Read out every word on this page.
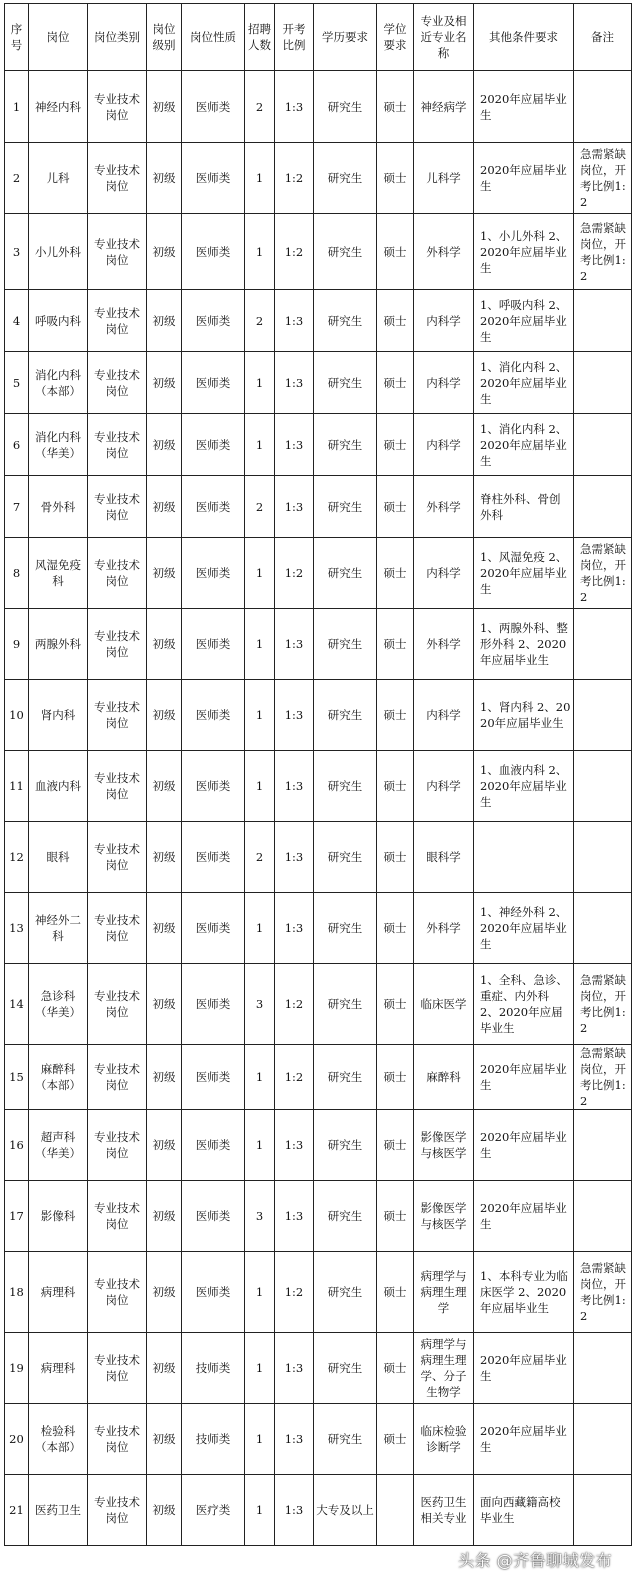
序号	岗位	岗位类别	岗位级别	岗位性质	招聘人数	开考比例	学历要求	学位要求	专业及相近专业名称	其他条件要求	备注
1	神经内科	专业技术岗位	初级	医师类	2	1:3	研究生	硕士	神经病学	2020年应届毕业生	
2	儿科	专业技术岗位	初级	医师类	1	1:2	研究生	硕士	儿科学	2020年应届毕业生	急需紧缺岗位，开考比例1:2
3	小儿外科	专业技术岗位	初级	医师类	1	1:2	研究生	硕士	外科学	1、小儿外科 2、2020年应届毕业生	急需紧缺岗位，开考比例1:2
4	呼吸内科	专业技术岗位	初级	医师类	2	1:3	研究生	硕士	内科学	1、呼吸内科 2、2020年应届毕业生	
5	消化内科（本部）	专业技术岗位	初级	医师类	1	1:3	研究生	硕士	内科学	1、消化内科 2、2020年应届毕业生	
6	消化内科（华美）	专业技术岗位	初级	医师类	1	1:3	研究生	硕士	内科学	1、消化内科 2、2020年应届毕业生	
7	骨外科	专业技术岗位	初级	医师类	2	1:3	研究生	硕士	外科学	脊柱外科、骨创外科	
8	风湿免疫科	专业技术岗位	初级	医师类	1	1:2	研究生	硕士	内科学	1、风湿免疫 2、2020年应届毕业生	急需紧缺岗位，开考比例1:2
9	两腺外科	专业技术岗位	初级	医师类	1	1:3	研究生	硕士	外科学	1、两腺外科、整形外科 2、2020年应届毕业生	
10	肾内科	专业技术岗位	初级	医师类	1	1:3	研究生	硕士	内科学	1、肾内科 2、2020年应届毕业生	
11	血液内科	专业技术岗位	初级	医师类	1	1:3	研究生	硕士	内科学	1、血液内科 2、2020年应届毕业生	
12	眼科	专业技术岗位	初级	医师类	2	1:3	研究生	硕士	眼科学		
13	神经外二科	专业技术岗位	初级	医师类	1	1:3	研究生	硕士	外科学	1、神经外科 2、2020年应届毕业生	
14	急诊科（华美）	专业技术岗位	初级	医师类	3	1:2	研究生	硕士	临床医学	1、全科、急诊、重症、内外科 2、2020年应届毕业生	急需紧缺岗位，开考比例1:2
15	麻醉科（本部）	专业技术岗位	初级	医师类	1	1:2	研究生	硕士	麻醉科	2020年应届毕业生	急需紧缺岗位，开考比例1:2
16	超声科（华美）	专业技术岗位	初级	医师类	1	1:3	研究生	硕士	影像医学与核医学	2020年应届毕业生	
17	影像科	专业技术岗位	初级	医师类	3	1:3	研究生	硕士	影像医学与核医学	2020年应届毕业生	
18	病理科	专业技术岗位	初级	医师类	1	1:2	研究生	硕士	病理学与病理生理学	1、本科专业为临床医学 2、2020年应届毕业生	急需紧缺岗位，开考比例1:2
19	病理科	专业技术岗位	初级	技师类	1	1:3	研究生	硕士	病理学与病理生理学、分子生物学	2020年应届毕业生	
20	检验科（本部）	专业技术岗位	初级	技师类	1	1:3	研究生	硕士	临床检验诊断学	2020年应届毕业生	
21	医药卫生	专业技术岗位	初级	医疗类	1	1:3	大专及以上		医药卫生相关专业	面向西藏籍高校毕业生	
头条 @齐鲁聊城发布
